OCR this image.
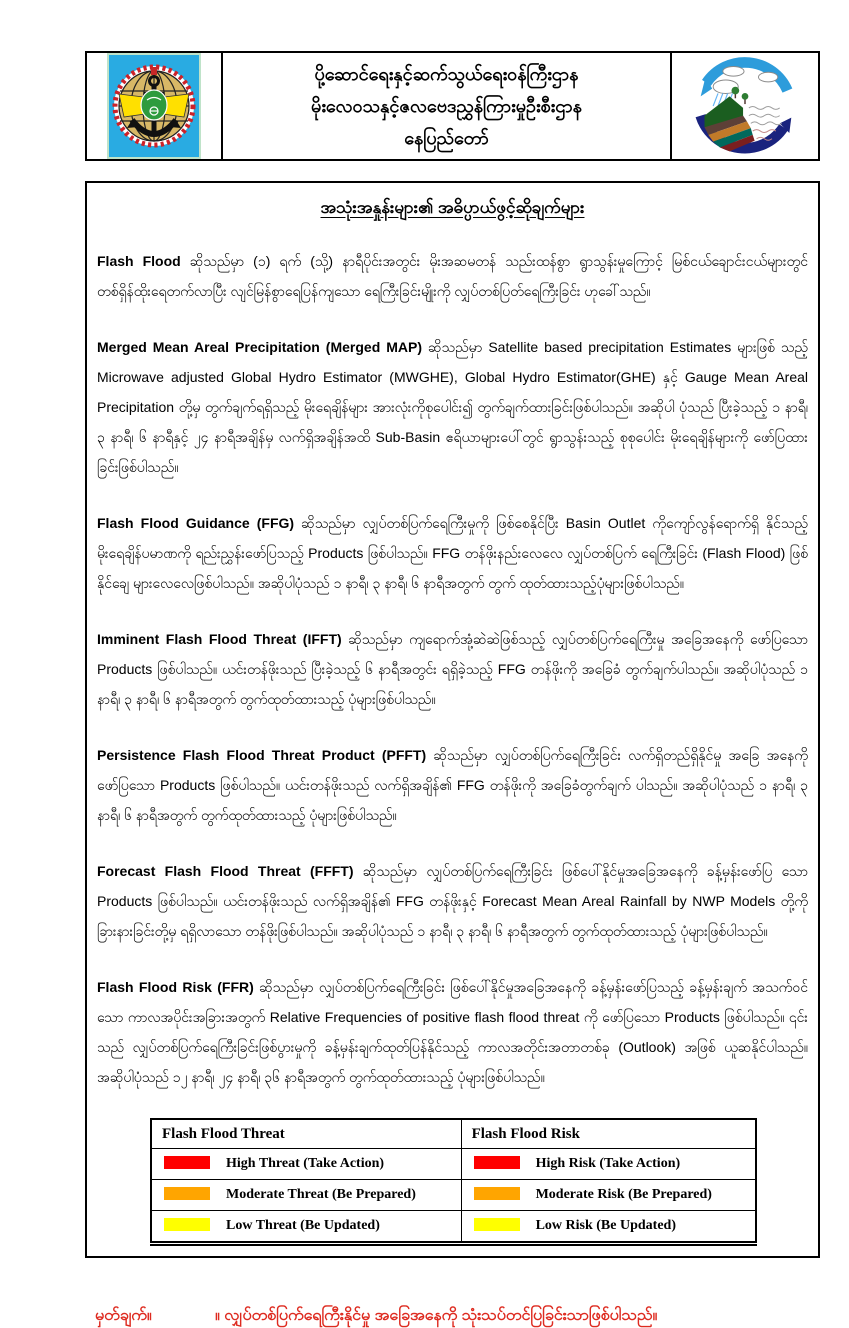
ပို့ဆောင်ရေးနှင့်ဆက်သွယ်ရေးဝန်ကြီးဌာန
မိုးလေဝသနှင့်ဇလဗေဒညွှန်ကြားမှုဦးစီးဌာန
နေပြည်တော်
အသုံးအနှုန်းများ၏ အဓိပ္ပာယ်ဖွင့်ဆိုချက်များ

Flash Flood ဆိုသည်မှာ (၁) ရက် (သို့) နာရီပိုင်းအတွင်း မိုးအဆမတန် သည်းထန်စွာ ရွာသွန်းမှုကြောင့် မြစ်ငယ်ချောင်းငယ်များတွင် တစ်ရှိန်ထိုးရေတက်လာပြီး လျင်မြန်စွာရေပြန်ကျသော ရေကြီးခြင်းမျိုးကို လျှပ်တစ်ပြတ်ရေကြီးခြင်း ဟုခေါ်သည်။

Merged Mean Areal Precipitation (Merged MAP) ဆိုသည်မှာ Satellite based precipitation Estimates များဖြစ် သည့် Microwave adjusted Global Hydro Estimator (MWGHE), Global Hydro Estimator(GHE) နှင့် Gauge Mean Areal Precipitation တို့မှ တွက်ချက်ရရှိသည့် မိုးရေချိန်များ အားလုံးကိုစုပေါင်း၍ တွက်ချက်ထားခြင်းဖြစ်ပါသည်။ အဆိုပါ ပုံသည် ပြီးခဲ့သည့် ၁ နာရီ၊ ၃ နာရီ၊ ၆ နာရီနှင့် ၂၄ နာရီအချိန်မှ လက်ရှိအချိန်အထိ Sub-Basin ဧရိယာများပေါ်တွင် ရွာသွန်းသည့် စုစုပေါင်း မိုးရေချိန်များကို ဖော်ပြထားခြင်းဖြစ်ပါသည်။

Flash Flood Guidance (FFG) ဆိုသည်မှာ လျှပ်တစ်ပြက်ရေကြီးမှုကို ဖြစ်စေနိုင်ပြီး Basin Outlet ကိုကျော်လွန်ရောက်ရှိ နိုင်သည့် မိုးရေချိန်ပမာဏကို ရည်းညွှန်းဖော်ပြသည့် Products ဖြစ်ပါသည်။ FFG တန်ဖိုးနည်းလေလေ လျှပ်တစ်ပြက် ရေကြီးခြင်း (Flash Flood) ဖြစ်နိုင်ချေ များလေလေဖြစ်ပါသည်။ အဆိုပါပုံသည် ၁ နာရီ၊ ၃ နာရီ၊ ၆ နာရီအတွက် တွက် ထုတ်ထားသည့်ပုံများဖြစ်ပါသည်။

Imminent Flash Flood Threat (IFFT) ဆိုသည်မှာ ကျရောက်အုံ့ဆဲဆဲဖြစ်သည့် လျှပ်တစ်ပြက်ရေကြီးမှု အခြေအနေကို ဖော်ပြသော Products ဖြစ်ပါသည်။ ယင်းတန်ဖိုးသည် ပြီးခဲ့သည့် ၆ နာရီအတွင်း ရရှိခဲ့သည့် FFG တန်ဖိုးကို အခြေခံ တွက်ချက်ပါသည်။ အဆိုပါပုံသည် ၁ နာရီ၊ ၃ နာရီ၊ ၆ နာရီအတွက် တွက်ထုတ်ထားသည့် ပုံများဖြစ်ပါသည်။

Persistence Flash Flood Threat Product (PFFT) ဆိုသည်မှာ လျှပ်တစ်ပြက်ရေကြီးခြင်း လက်ရှိတည်ရှိနိုင်မှု အခြေ အနေကို ဖော်ပြသော Products ဖြစ်ပါသည်။ ယင်းတန်ဖိုးသည် လက်ရှိအချိန်၏ FFG တန်ဖိုးကို အခြေခံတွက်ချက် ပါသည်။ အဆိုပါပုံသည် ၁ နာရီ၊ ၃ နာရီ၊ ၆ နာရီအတွက် တွက်ထုတ်ထားသည့် ပုံများဖြစ်ပါသည်။

Forecast Flash Flood Threat (FFFT) ဆိုသည်မှာ လျှပ်တစ်ပြက်ရေကြီးခြင်း ဖြစ်ပေါ်နိုင်မှုအခြေအနေကို ခန့်မှန်းဖော်ပြ သော Products ဖြစ်ပါသည်။ ယင်းတန်ဖိုးသည် လက်ရှိအချိန်၏ FFG တန်ဖိုးနှင့် Forecast Mean Areal Rainfall by NWP Models တို့ကို ခြားနားခြင်းတို့မှ ရရှိလာသော တန်ဖိုးဖြစ်ပါသည်။ အဆိုပါပုံသည် ၁ နာရီ၊ ၃ နာရီ၊ ၆ နာရီအတွက် တွက်ထုတ်ထားသည့် ပုံများဖြစ်ပါသည်။

Flash Flood Risk (FFR) ဆိုသည်မှာ လျှပ်တစ်ပြက်ရေကြီးခြင်း ဖြစ်ပေါ်နိုင်မှုအခြေအနေကို ခန့်မှန်းဖော်ပြသည့် ခန့်မှန်းချက် အသက်ဝင်သော ကာလအပိုင်းအခြားအတွက် Relative Frequencies of positive flash flood threat ကို ဖော်ပြသော Products ဖြစ်ပါသည်။ ၎င်းသည် လျှပ်တစ်ပြက်ရေကြီးခြင်းဖြစ်ပွားမှုကို ခန့်မှန်းချက်ထုတ်ပြန်နိုင်သည့် ကာလအတိုင်းအတာတစ်ခု (Outlook) အဖြစ် ယူဆနိုင်ပါသည်။ အဆိုပါပုံသည် ၁၂ နာရီ၊ ၂၄ နာရီ၊ ၃၆ နာရီအတွက် တွက်ထုတ်ထားသည့် ပုံများဖြစ်ပါသည်။

Flash Flood Threat	Flash Flood Risk
High Threat (Take Action)	High Risk (Take Action)
Moderate Threat (Be Prepared)	Moderate Risk (Be Prepared)
Low Threat (Be Updated)	Low Risk (Be Updated)
မှတ်ချက်။	။ လျှပ်တစ်ပြက်ရေကြီးနိုင်မှု အခြေအနေကို သုံးသပ်တင်ပြခြင်းသာဖြစ်ပါသည်။
